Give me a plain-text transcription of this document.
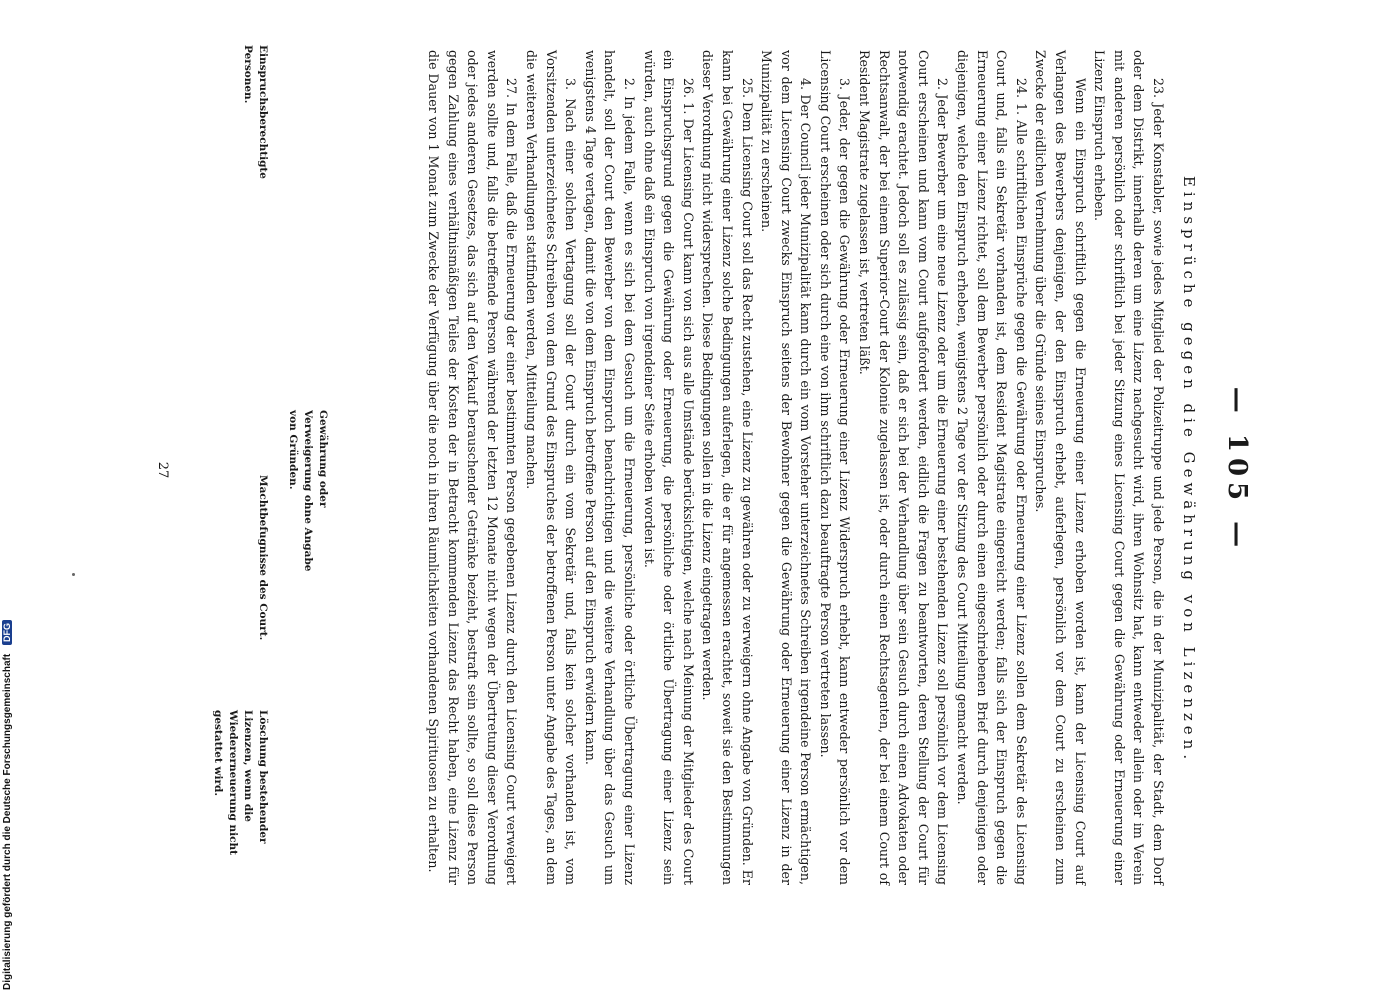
— 105 —
Einsprüche gegen die Gewährung von Lizenzen.

23. Jeder Konstabler, sowie jedes Mitglied der Polizeitruppe und jede Person, die in der Munizipalität, der Stadt, dem Dorf oder dem Distrikt, innerhalb deren um eine Lizenz nachgesucht wird, ihren Wohnsitz hat, kann entweder allein oder im Verein mit anderen persönlich oder schriftlich bei jeder Sitzung eines Licensing Court gegen die Gewährung oder Erneuerung einer Lizenz Einspruch erheben.

Wenn ein Einspruch schriftlich gegen die Erneuerung einer Lizenz erhoben worden ist, kann der Licensing Court auf Verlangen des Bewerbers denjenigen, der den Einspruch erhebt, auferlegen, persönlich vor dem Court zu erscheinen zum Zwecke der eidlichen Vernehmung über die Gründe seines Einspruches.

24. 1. Alle schriftlichen Einsprüche gegen die Gewährung oder Erneuerung einer Lizenz sollen dem Sekretär des Licensing Court und, falls ein Sekretär vorhanden ist, dem Resident Magistrate eingereicht werden; falls sich der Einspruch gegen die Erneuerung einer Lizenz richtet, soll dem Bewerber persönlich oder durch einen eingeschriebenen Brief durch denjenigen oder diejenigen, welche den Einspruch erheben, wenigstens 2 Tage vor der Sitzung des Court Mitteilung gemacht werden.

2. Jeder Bewerber um eine neue Lizenz oder um die Erneuerung einer bestehenden Lizenz soll persönlich vor dem Licensing Court erscheinen und kann vom Court aufgefordert werden, eidlich die Fragen zu beantworten, deren Stellung der Court für notwendig erachtet. Jedoch soll es zulässig sein, daß er sich bei der Verhandlung über sein Gesuch durch einen Advokaten oder Rechtsanwalt, der bei einem Superior-Court der Kolonie zugelassen ist, oder durch einen Rechtsagenten, der bei einem Court of Resident Magistrate zugelassen ist, vertreten läßt.

3. Jeder, der gegen die Gewährung oder Erneuerung einer Lizenz Widerspruch erhebt, kann entweder persönlich vor dem Licensing Court erscheinen oder sich durch eine von ihm schriftlich dazu beauftragte Person vertreten lassen.

4. Der Council jeder Munizipalität kann durch ein vom Vorsteher unterzeichnetes Schreiben irgendeine Person ermächtigen, vor dem Licensing Court zwecks Einspruch seitens der Bewohner gegen die Gewährung oder Erneuerung einer Lizenz in der Munizipalität zu erscheinen.

25. Dem Licensing Court soll das Recht zustehen, eine Lizenz zu gewähren oder zu verweigern ohne Angabe von Gründen. Er kann bei Gewährung einer Lizenz solche Bedingungen auferlegen, die er für angemessen erachtet, soweit sie den Bestimmungen dieser Verordnung nicht widersprechen. Diese Bedingungen sollen in die Lizenz eingetragen werden.

26. 1. Der Licensing Court kann von sich aus alle Umstände berücksichtigen, welche nach Meinung der Mitglieder des Court ein Einspruchsgrund gegen die Gewährung oder Erneuerung, die persönliche oder örtliche Übertragung einer Lizenz sein würden, auch ohne daß ein Einspruch von irgendeiner Seite erhoben worden ist.

2. In jedem Falle, wenn es sich bei dem Gesuch um die Erneuerung, persönliche oder örtliche Übertragung einer Lizenz handelt, soll der Court den Bewerber von dem Einspruch benachrichtigen und die weitere Verhandlung über das Gesuch um wenigstens 4 Tage vertagen, damit die von dem Einspruch betroffene Person auf den Einspruch erwidern kann.

3. Nach einer solchen Vertagung soll der Court durch ein vom Sekretär und, falls kein solcher vorhanden ist, vom Vorsitzenden unterzeichnetes Schreiben von dem Grund des Einspruches der betroffenen Person unter Angabe des Tages, an dem die weiteren Verhandlungen stattfinden werden, Mitteilung machen.

27. In dem Falle, daß die Erneuerung der einer bestimmten Person gegebenen Lizenz durch den Licensing Court verweigert werden sollte und, falls die betreffende Person während der letzten 12 Monate nicht wegen der Übertretung dieser Verordnung oder jedes anderen Gesetzes, das sich auf den Verkauf berauschender Getränke bezieht, bestraft sein sollte, so soll diese Person gegen Zahlung eines verhältnismäßigen Teiles der Kosten der in Betracht kommenden Lizenz das Recht haben, eine Lizenz für die Dauer von 1 Monat zum Zwecke der Verfügung über die noch in ihren Räumlichkeiten vorhandenen Spirituosen zu erhalten.

Einspruchsberechtigte Personen.
Machtbefugnisse des Court.
Gewährung oder Verweigerung ohne Angabe von Gründen.
Löschung bestehender Lizenzen, wenn die Wiedererneuerung nicht gestattet wird.
27
Digitalisierung gefördert durch die Deutsche Forschungsgemeinschaft DFG
